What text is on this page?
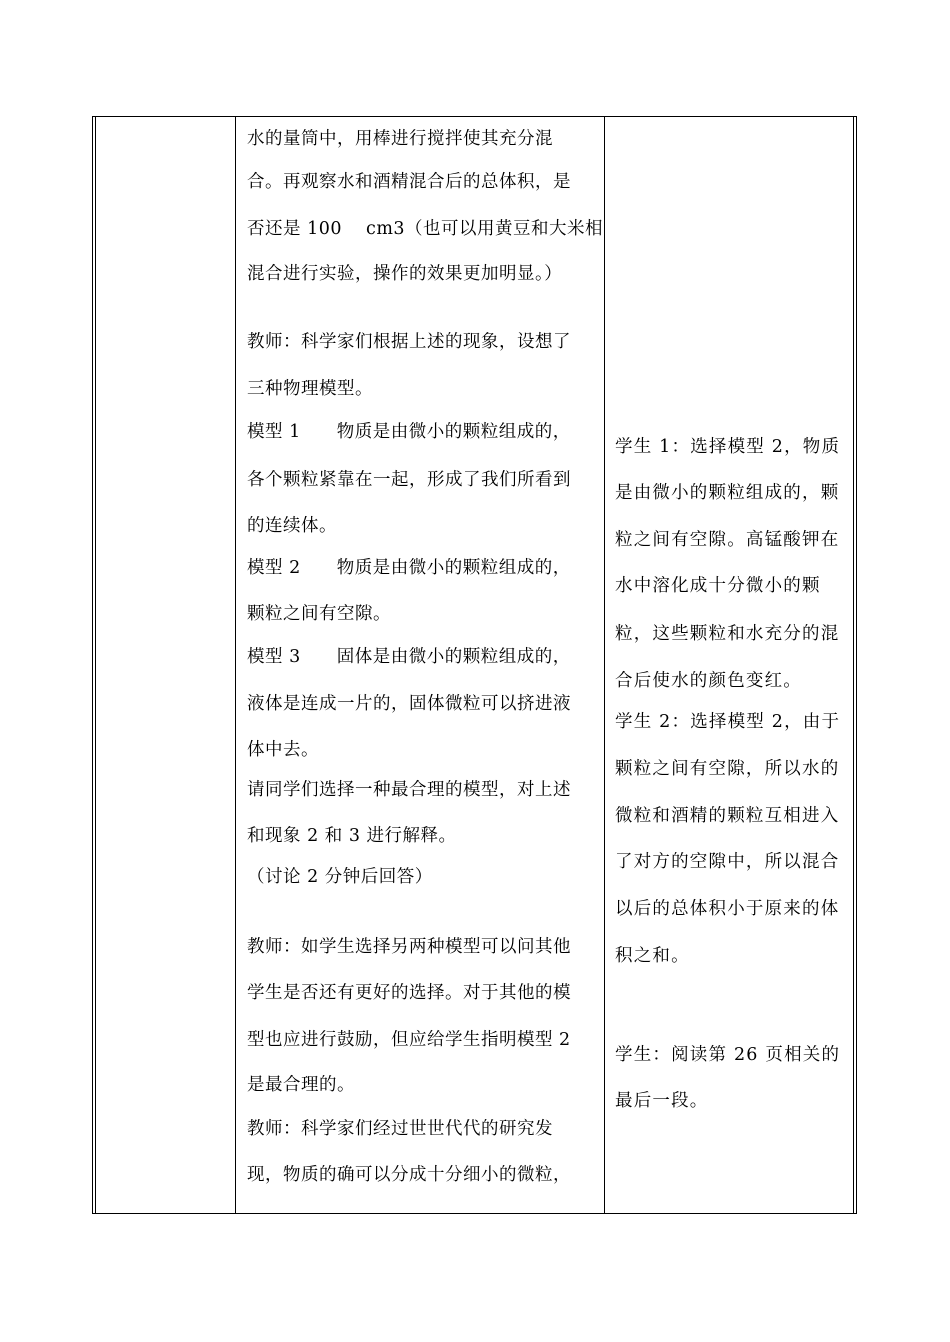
水的量筒中，用棒进行搅拌使其充分混
合。再观察水和酒精混合后的总体积，是
否还是 100　 cm3（也可以用黄豆和大米相
混合进行实验，操作的效果更加明显。）
教师：科学家们根据上述的现象，设想了
三种物理模型。
模型 1　　物质是由微小的颗粒组成的，
各个颗粒紧靠在一起，形成了我们所看到
的连续体。
模型 2　　物质是由微小的颗粒组成的，
颗粒之间有空隙。
模型 3　　固体是由微小的颗粒组成的，
液体是连成一片的，固体微粒可以挤进液
体中去。
请同学们选择一种最合理的模型，对上述
和现象 2 和 3 进行解释。
（讨论 2 分钟后回答）
教师：如学生选择另两种模型可以问其他
学生是否还有更好的选择。对于其他的模
型也应进行鼓励，但应给学生指明模型 2
是最合理的。
教师：科学家们经过世世代代的研究发
现，物质的确可以分成十分细小的微粒，
学生 1：选择模型 2，物质
是由微小的颗粒组成的，颗
粒之间有空隙。高锰酸钾在
水中溶化成十分微小的颗
粒，这些颗粒和水充分的混
合后使水的颜色变红。
学生 2：选择模型 2，由于
颗粒之间有空隙，所以水的
微粒和酒精的颗粒互相进入
了对方的空隙中，所以混合
以后的总体积小于原来的体
积之和。
学生：阅读第 26 页相关的
最后一段。
